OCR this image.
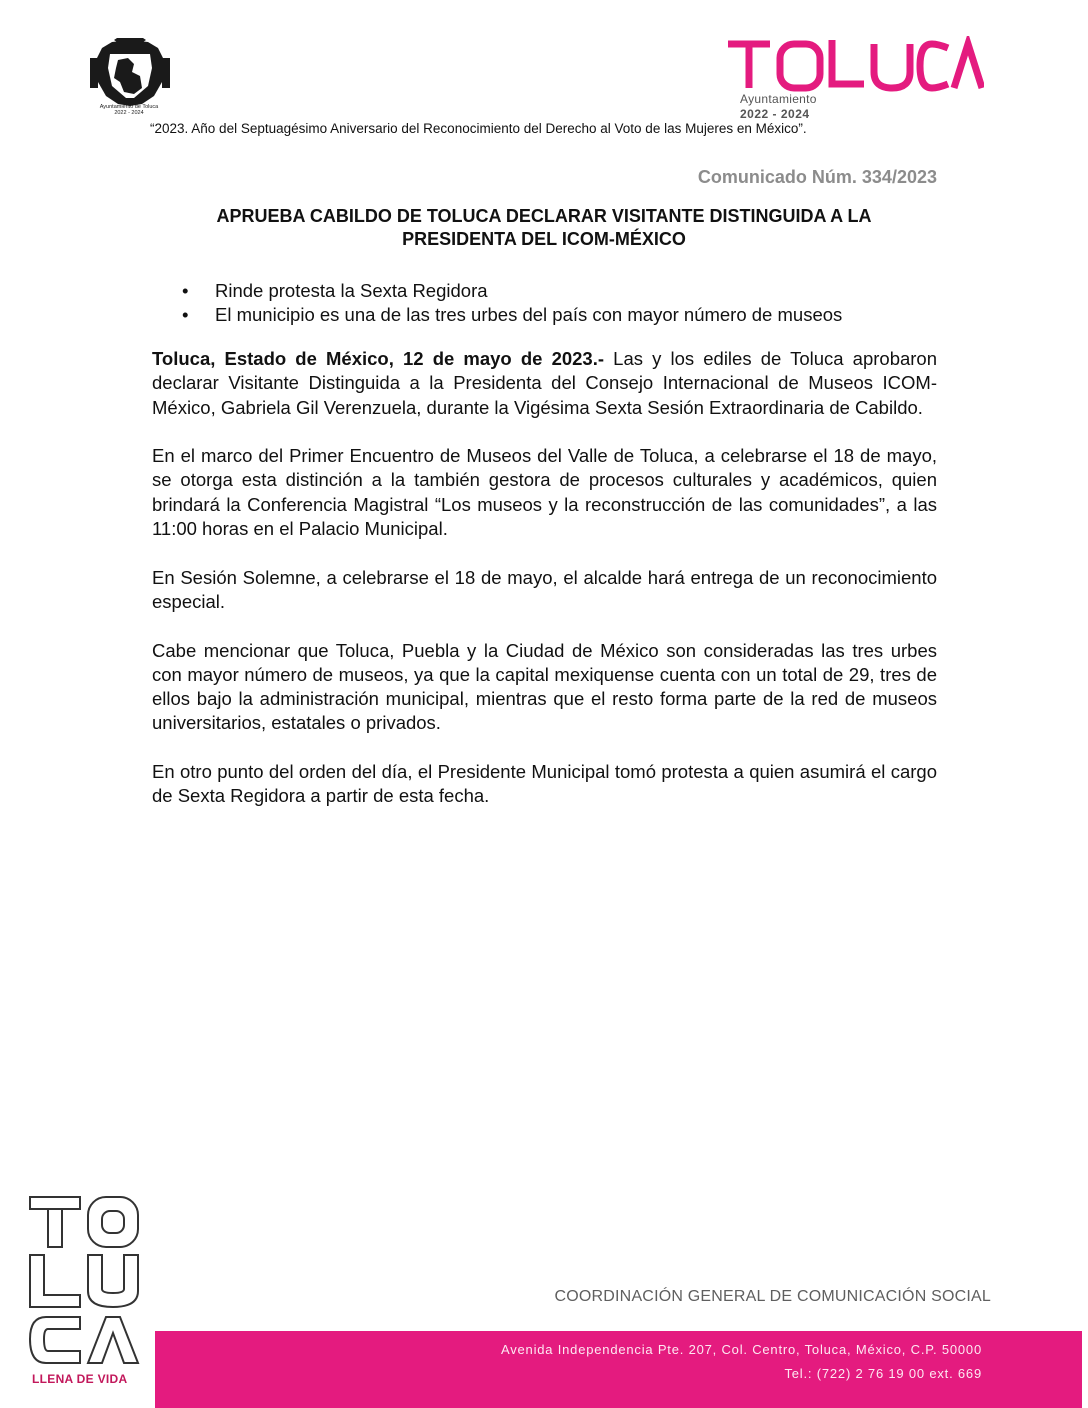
Ayuntamiento de Toluca
2022 - 2024
Ayuntamiento
2022 - 2024
“2023. Año del Septuagésimo Aniversario del Reconocimiento del Derecho al Voto de las Mujeres en México”.
Comunicado Núm. 334/2023
APRUEBA CABILDO DE TOLUCA DECLARAR VISITANTE DISTINGUIDA A LA
PRESIDENTA DEL ICOM-MÉXICO
• Rinde protesta la Sexta Regidora
• El municipio es una de las tres urbes del país con mayor número de museos

Toluca, Estado de México, 12 de mayo de 2023.- Las y los ediles de Toluca aprobaron declarar Visitante Distinguida a la Presidenta del Consejo Internacional de Museos ICOM-México, Gabriela Gil Verenzuela, durante la Vigésima Sexta Sesión Extraordinaria de Cabildo.

En el marco del Primer Encuentro de Museos del Valle de Toluca, a celebrarse el 18 de mayo, se otorga esta distinción a la también gestora de procesos culturales y académicos, quien brindará la Conferencia Magistral “Los museos y la reconstrucción de las comunidades”, a las 11:00 horas en el Palacio Municipal.

En Sesión Solemne, a celebrarse el 18 de mayo, el alcalde hará entrega de un reconocimiento especial.

Cabe mencionar que Toluca, Puebla y la Ciudad de México son consideradas las tres urbes con mayor número de museos, ya que la capital mexiquense cuenta con un total de 29, tres de ellos bajo la administración municipal, mientras que el resto forma parte de la red de museos universitarios, estatales o privados.

En otro punto del orden del día, el Presidente Municipal tomó protesta a quien asumirá el cargo de Sexta Regidora a partir de esta fecha.

LLENA DE VIDA
COORDINACIÓN GENERAL DE COMUNICACIÓN SOCIAL
Avenida Independencia Pte. 207, Col. Centro, Toluca, México, C.P. 50000
Tel.: (722) 2 76 19 00 ext. 669
